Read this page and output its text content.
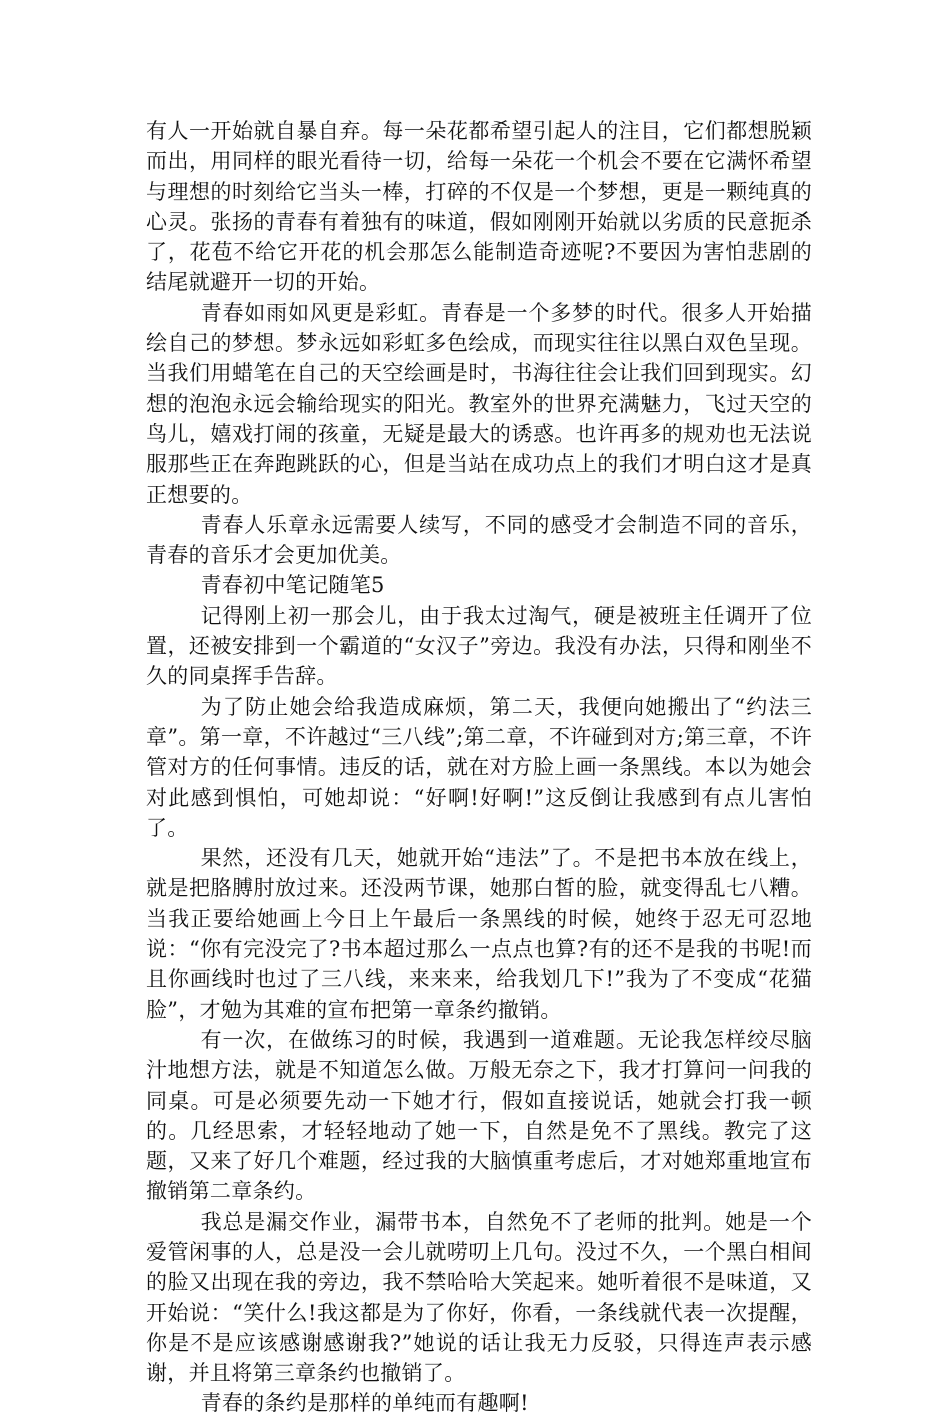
有人一开始就自暴自弃。每一朵花都希望引起人的注目，它们都想脱颖而出，用同样的眼光看待一切，给每一朵花一个机会不要在它满怀希望与理想的时刻给它当头一棒，打碎的不仅是一个梦想，更是一颗纯真的心灵。张扬的青春有着独有的味道，假如刚刚开始就以劣质的民意扼杀了，花苞不给它开花的机会那怎么能制造奇迹呢?不要因为害怕悲剧的结尾就避开一切的开始。

青春如雨如风更是彩虹。青春是一个多梦的时代。很多人开始描绘自己的梦想。梦永远如彩虹多色绘成，而现实往往以黑白双色呈现。当我们用蜡笔在自己的天空绘画是时，书海往往会让我们回到现实。幻想的泡泡永远会输给现实的阳光。教室外的世界充满魅力，飞过天空的鸟儿，嬉戏打闹的孩童，无疑是最大的诱惑。也许再多的规劝也无法说服那些正在奔跑跳跃的心，但是当站在成功点上的我们才明白这才是真正想要的。

青春人乐章永远需要人续写，不同的感受才会制造不同的音乐，青春的音乐才会更加优美。

青春初中笔记随笔5

记得刚上初一那会儿，由于我太过淘气，硬是被班主任调开了位置，还被安排到一个霸道的“女汉子”旁边。我没有办法，只得和刚坐不久的同桌挥手告辞。

为了防止她会给我造成麻烦，第二天，我便向她搬出了“约法三章”。第一章，不许越过“三八线”;第二章，不许碰到对方;第三章，不许管对方的任何事情。违反的话，就在对方脸上画一条黑线。本以为她会对此感到惧怕，可她却说：“好啊!好啊!”这反倒让我感到有点儿害怕了。

果然，还没有几天，她就开始“违法”了。不是把书本放在线上，就是把胳膊肘放过来。还没两节课，她那白皙的脸，就变得乱七八糟。当我正要给她画上今日上午最后一条黑线的时候，她终于忍无可忍地说：“你有完没完了?书本超过那么一点点也算?有的还不是我的书呢!而且你画线时也过了三八线，来来来，给我划几下!”我为了不变成“花猫脸”，才勉为其难的宣布把第一章条约撤销。

有一次，在做练习的时候，我遇到一道难题。无论我怎样绞尽脑汁地想方法，就是不知道怎么做。万般无奈之下，我才打算问一问我的同桌。可是必须要先动一下她才行，假如直接说话，她就会打我一顿的。几经思索，才轻轻地动了她一下，自然是免不了黑线。教完了这题，又来了好几个难题，经过我的大脑慎重考虑后，才对她郑重地宣布撤销第二章条约。

我总是漏交作业，漏带书本，自然免不了老师的批判。她是一个爱管闲事的人，总是没一会儿就唠叨上几句。没过不久，一个黑白相间的脸又出现在我的旁边，我不禁哈哈大笑起来。她听着很不是味道，又开始说：“笑什么!我这都是为了你好，你看，一条线就代表一次提醒，你是不是应该感谢感谢我?”她说的话让我无力反驳，只得连声表示感谢，并且将第三章条约也撤销了。

青春的条约是那样的单纯而有趣啊!
